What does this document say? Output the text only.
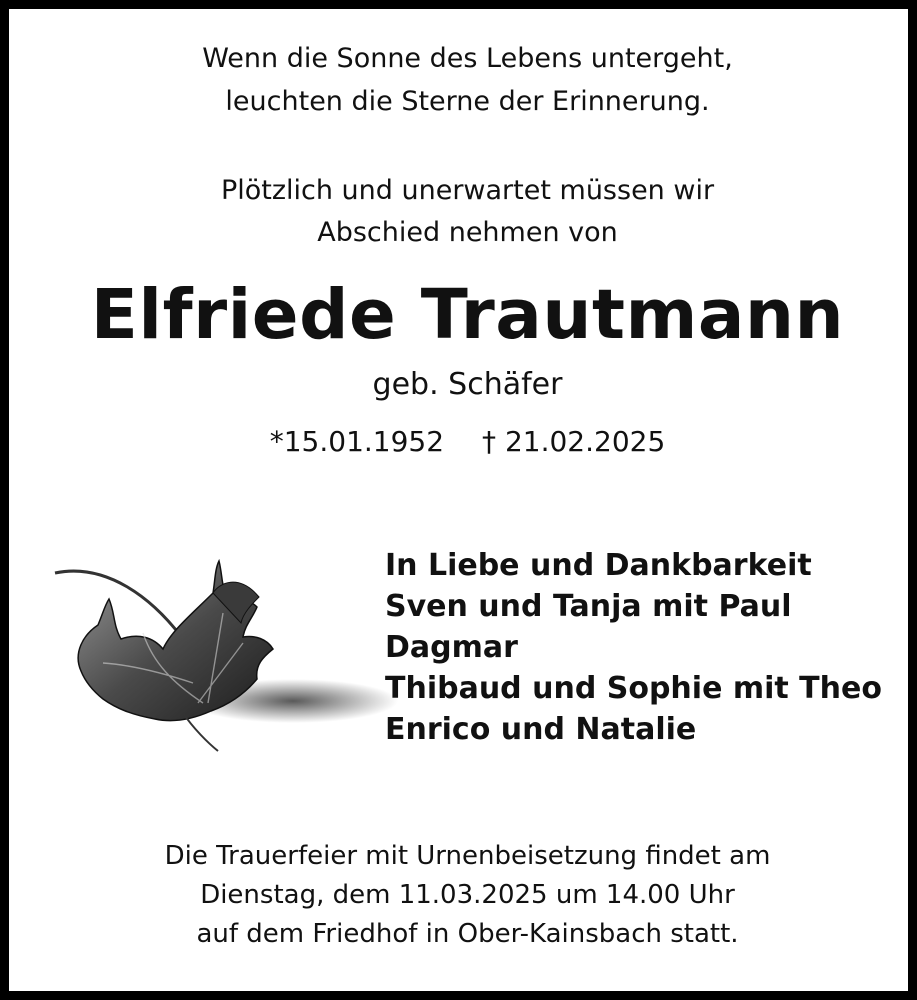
Wenn die Sonne des Lebens untergeht,
leuchten die Sterne der Erinnerung.
Plötzlich und unerwartet müssen wir
Abschied nehmen von
Elfriede Trautmann
geb. Schäfer
*15.01.1952 † 21.02.2025
In Liebe und Dankbarkeit
Sven und Tanja mit Paul
Dagmar
Thibaud und Sophie mit Theo
Enrico und Natalie
Die Trauerfeier mit Urnenbeisetzung findet am
Dienstag, dem 11.03.2025 um 14.00 Uhr
auf dem Friedhof in Ober-Kainsbach statt.
